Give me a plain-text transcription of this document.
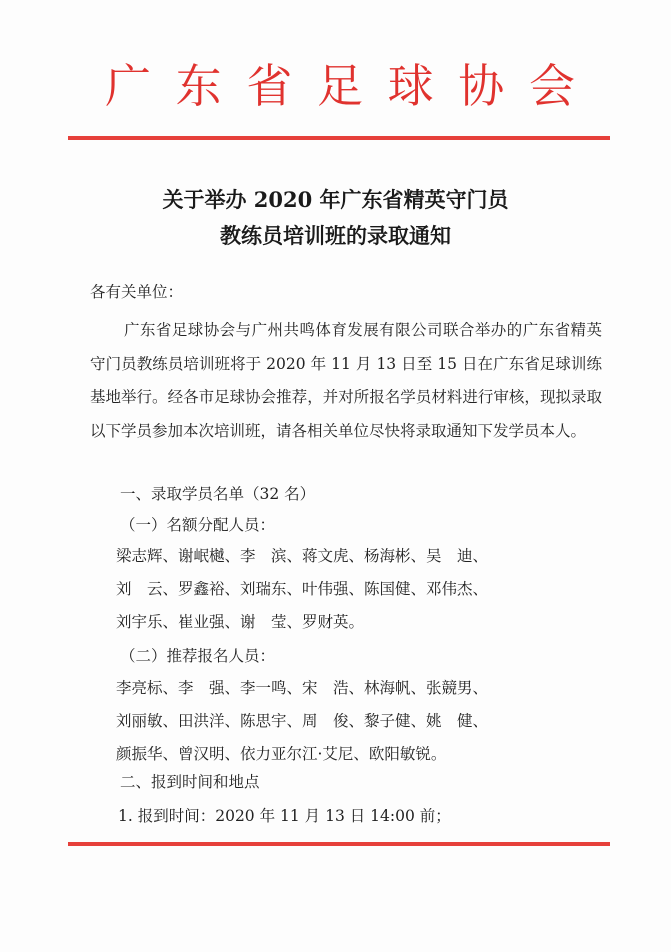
广 东 省 足 球 协 会
关于举办 2020 年广东省精英守门员
教练员培训班的录取通知
各有关单位：
广东省足球协会与广州共鸣体育发展有限公司联合举办的广东省精英守门员教练员培训班将于 2020 年 11 月 13 日至 15 日在广东省足球训练基地举行。经各市足球协会推荐，并对所报名学员材料进行审核，现拟录取以下学员参加本次培训班，请各相关单位尽快将录取通知下发学员本人。
一、录取学员名单（32 名）
（一）名额分配人员：
梁志辉、谢岷樾、李　滨、蒋文虎、杨海彬、吴　迪、
刘　云、罗鑫裕、刘瑞东、叶伟强、陈国健、邓伟杰、
刘宇乐、崔业强、谢　莹、罗财英。
（二）推荐报名人员：
李亮标、李　强、李一鸣、宋　浩、林海帆、张競男、
刘丽敏、田洪洋、陈思宇、周　俊、黎子健、姚　健、
颜振华、曾汉明、依力亚尔江·艾尼、欧阳敏锐。
二、报到时间和地点
1. 报到时间：2020 年 11 月 13 日 14:00 前；
